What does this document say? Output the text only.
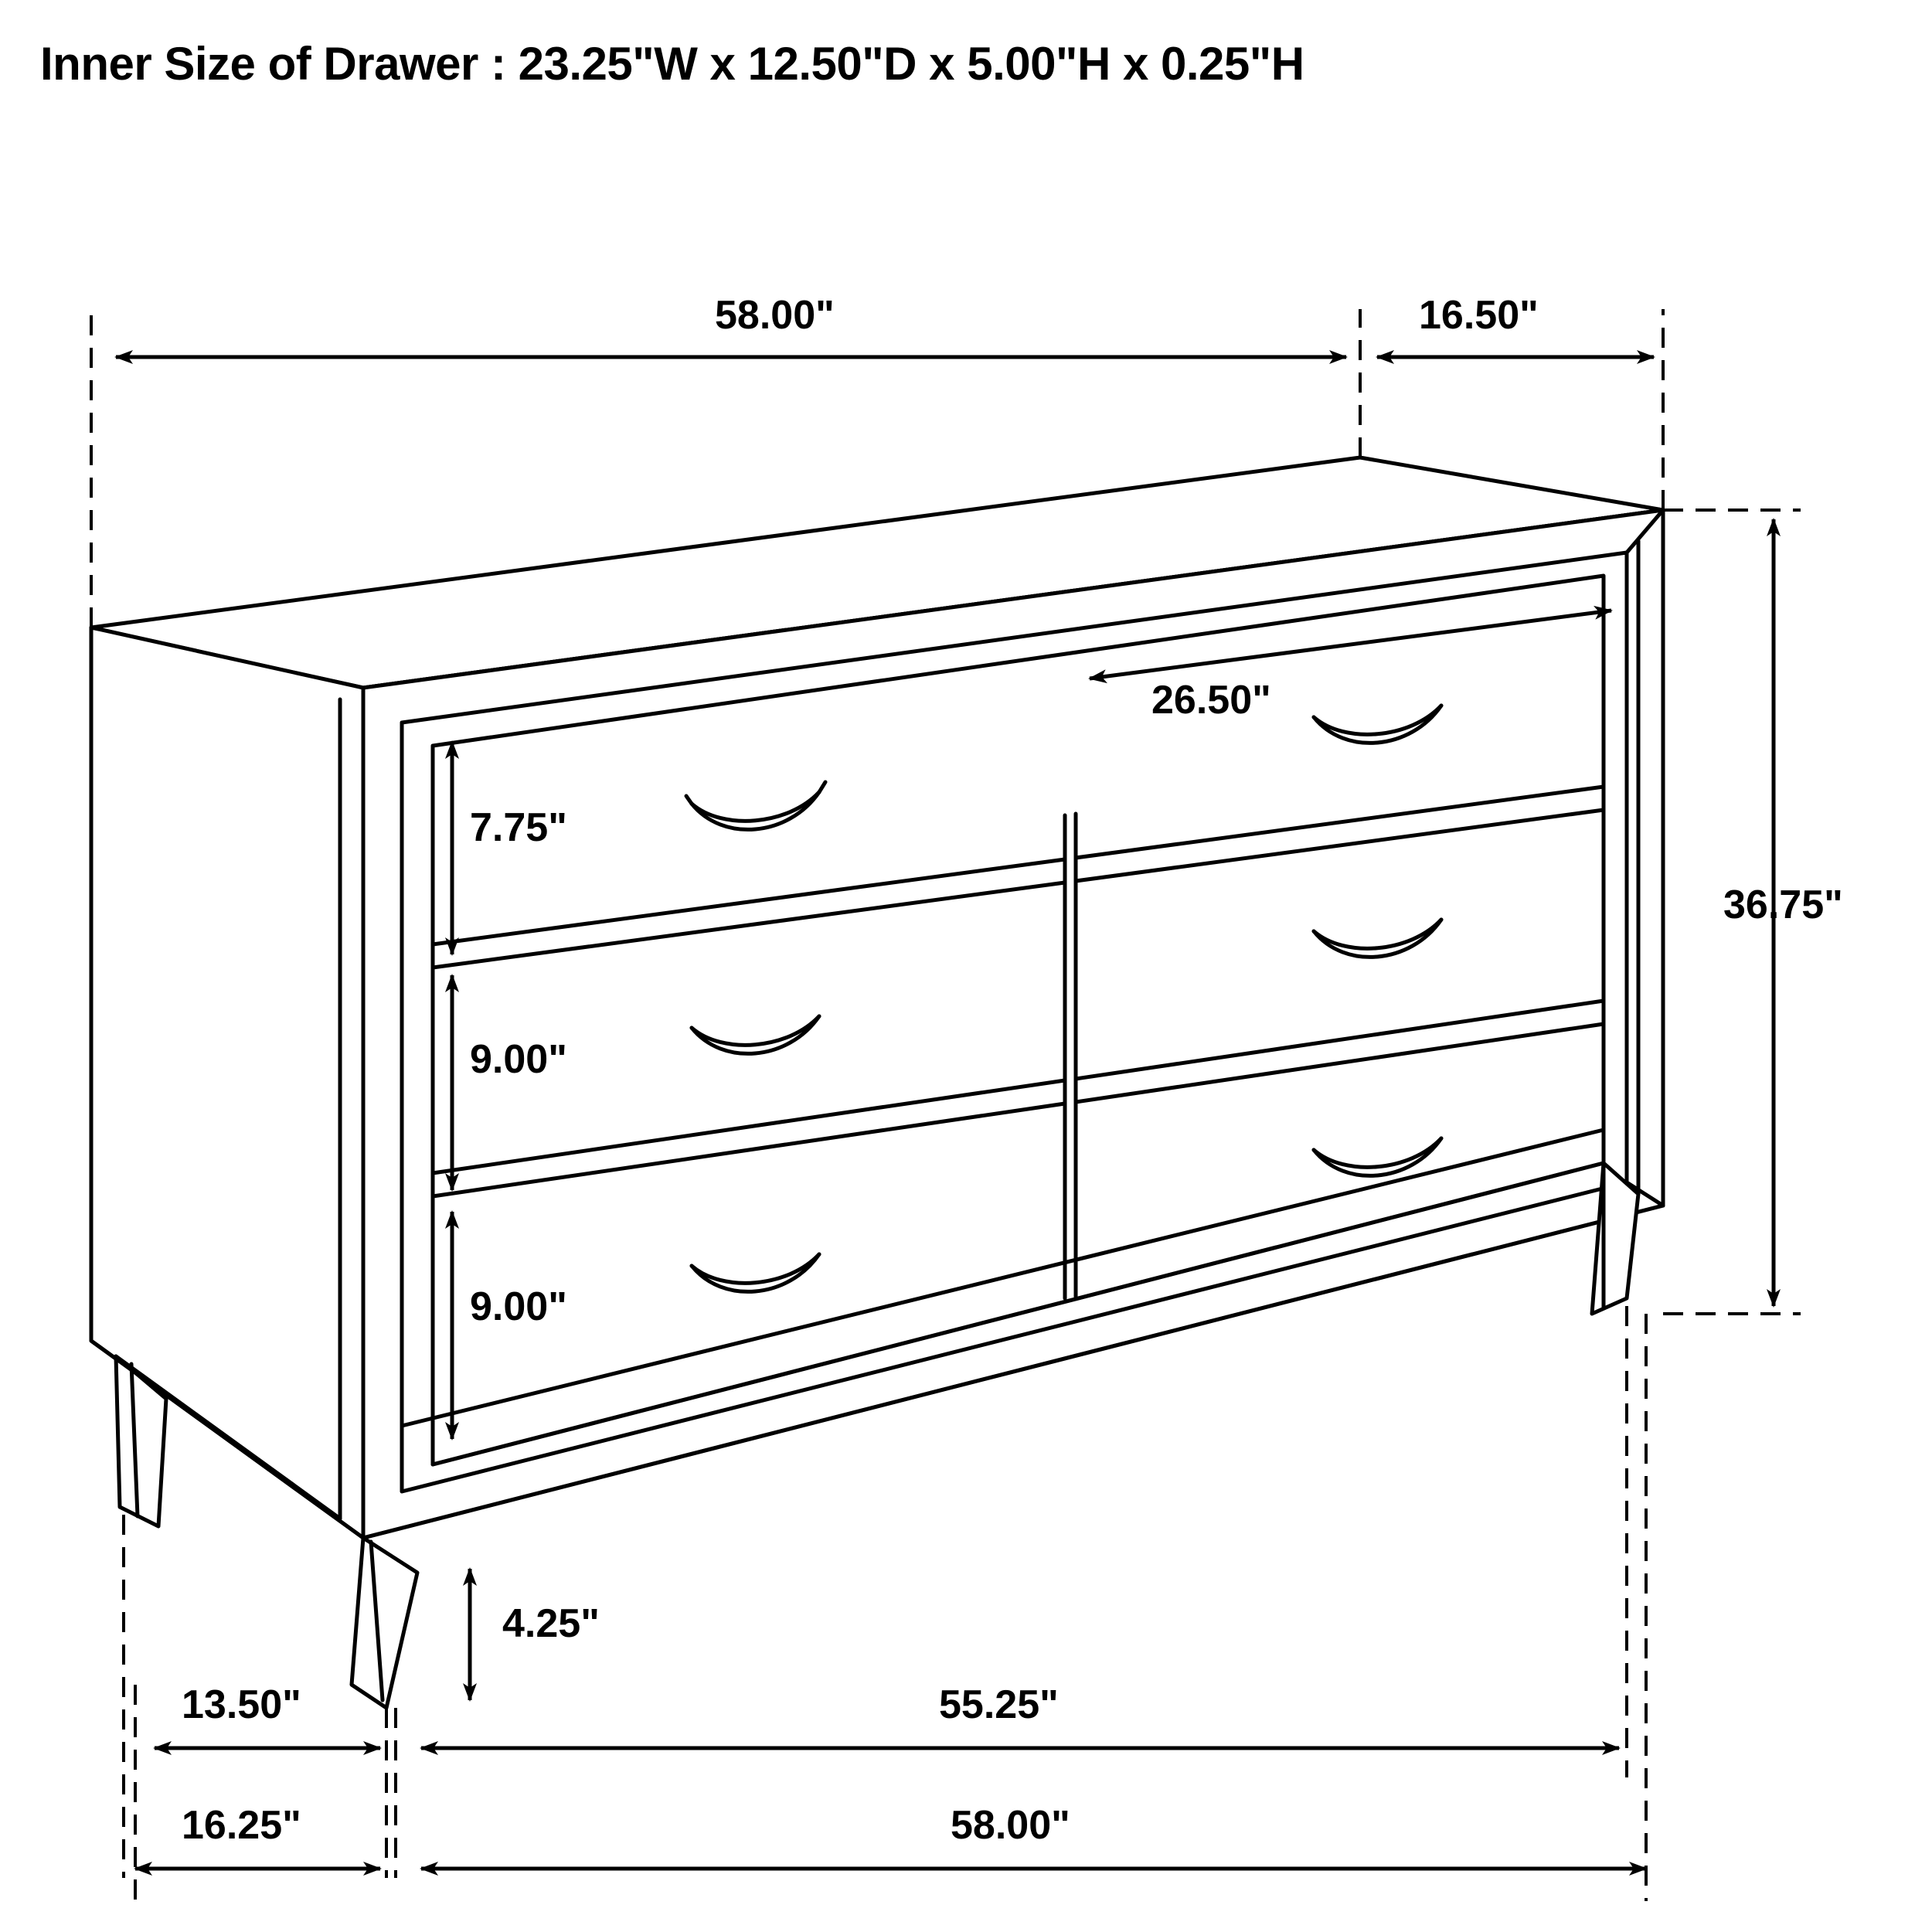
Inner Size of Drawer : 23.25"W x 12.50"D x 5.00"H x 0.25"H
58.00"	16.50"
26.50"
7.75"
9.00"
9.00"
36.75"
4.25"
13.50"
16.25"
55.25"
58.00"
